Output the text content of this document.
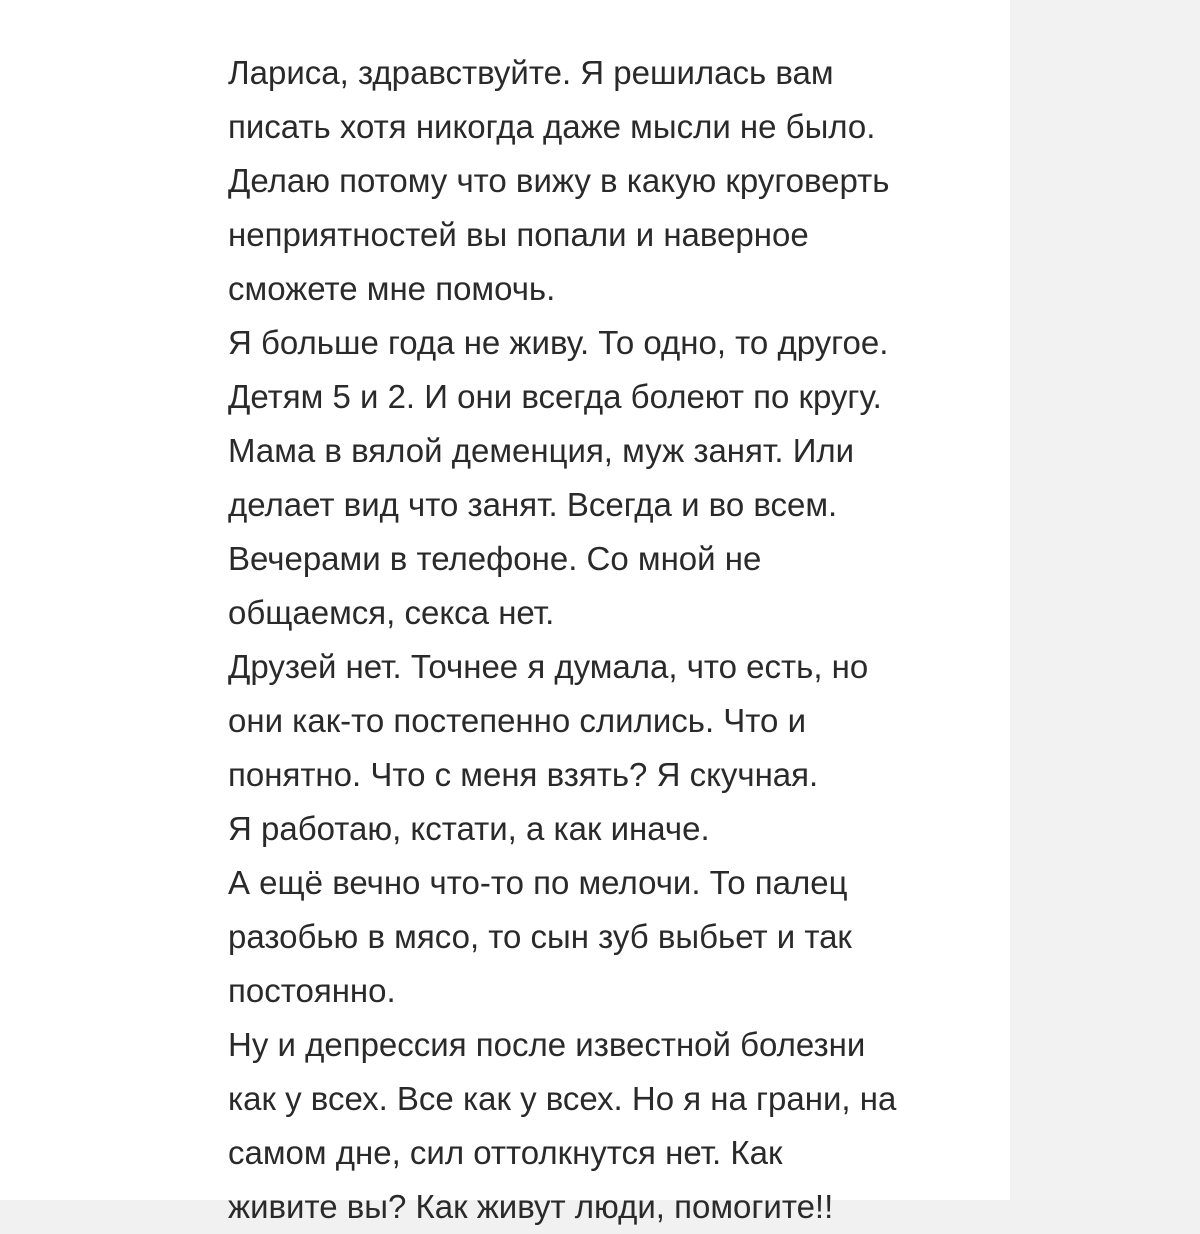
Лариса, здравствуйте. Я решилась вам
писать хотя никогда даже мысли не было.
Делаю потому что вижу в какую круговерть
неприятностей вы попали и наверное
сможете мне помочь.
Я больше года не живу. То одно, то другое.
Детям 5 и 2. И они всегда болеют по кругу.
Мама в вялой деменция, муж занят. Или
делает вид что занят. Всегда и во всем.
Вечерами в телефоне. Со мной не
общаемся, секса нет.
Друзей нет. Точнее я думала, что есть, но
они как-то постепенно слились. Что и
понятно. Что с меня взять? Я скучная.
Я работаю, кстати, а как иначе.
А ещё вечно что-то по мелочи. То палец
разобью в мясо, то сын зуб выбьет и так
постоянно.
Ну и депрессия после известной болезни
как у всех. Все как у всех. Но я на грани, на
самом дне, сил оттолкнутся нет. Как
живите вы? Как живут люди, помогите!!
